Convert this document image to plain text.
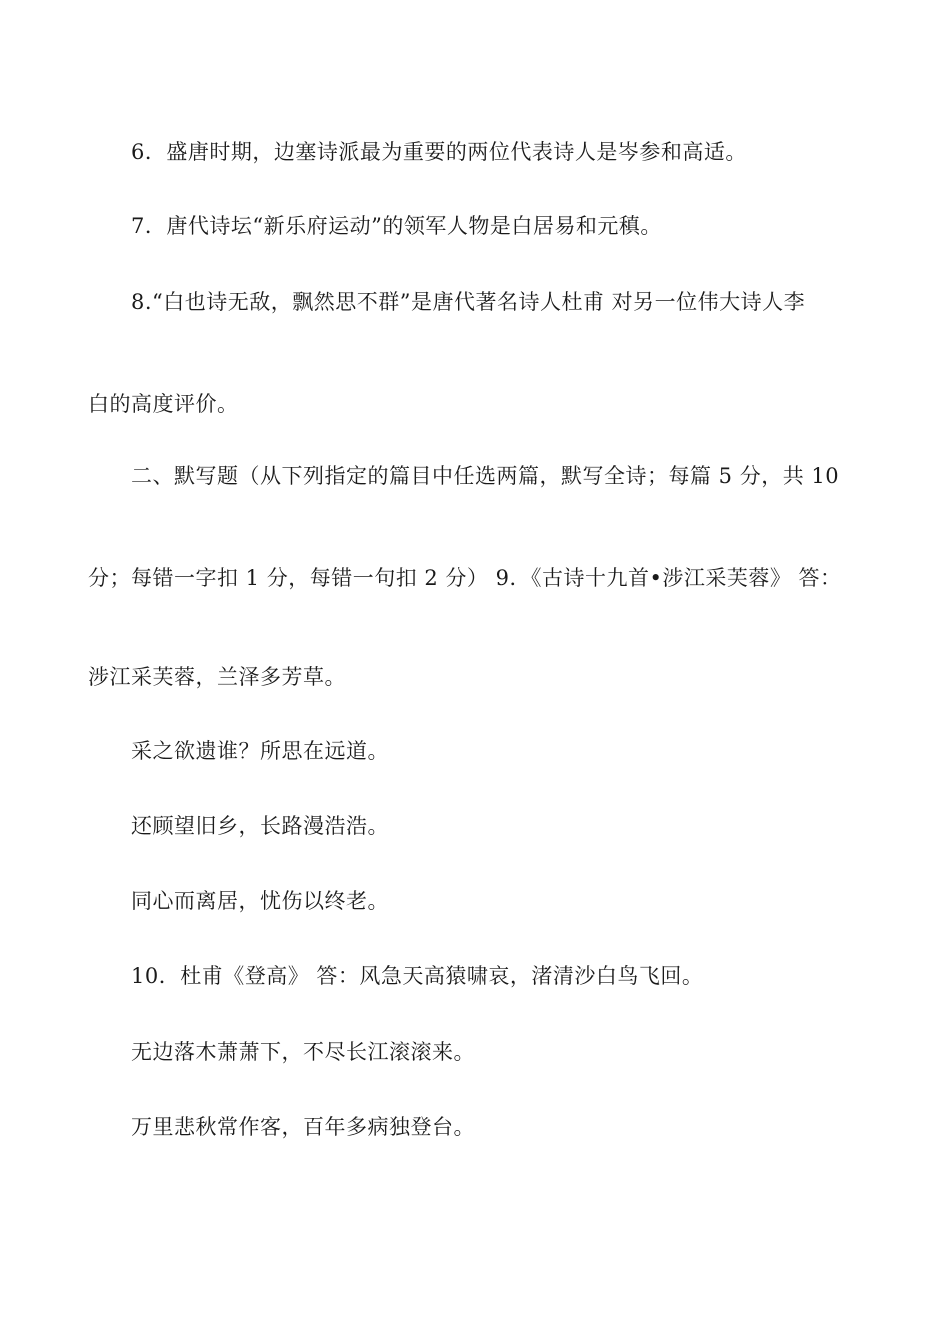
6．盛唐时期，边塞诗派最为重要的两位代表诗人是岑参和高适。
7．唐代诗坛“新乐府运动”的领军人物是白居易和元稹。
8.“白也诗无敌，飘然思不群”是唐代著名诗人杜甫 对另一位伟大诗人李
白的高度评价。
二、默写题（从下列指定的篇目中任选两篇，默写全诗；每篇 5 分，共 10
分；每错一字扣 1 分，每错一句扣 2 分） 9．《古诗十九首•涉江采芙蓉》 答：
涉江采芙蓉，兰泽多芳草。
采之欲遗谁？所思在远道。
还顾望旧乡，长路漫浩浩。
同心而离居，忧伤以终老。
10．杜甫《登高》 答：风急天高猿啸哀，渚清沙白鸟飞回。
无边落木萧萧下，不尽长江滚滚来。
万里悲秋常作客，百年多病独登台。
